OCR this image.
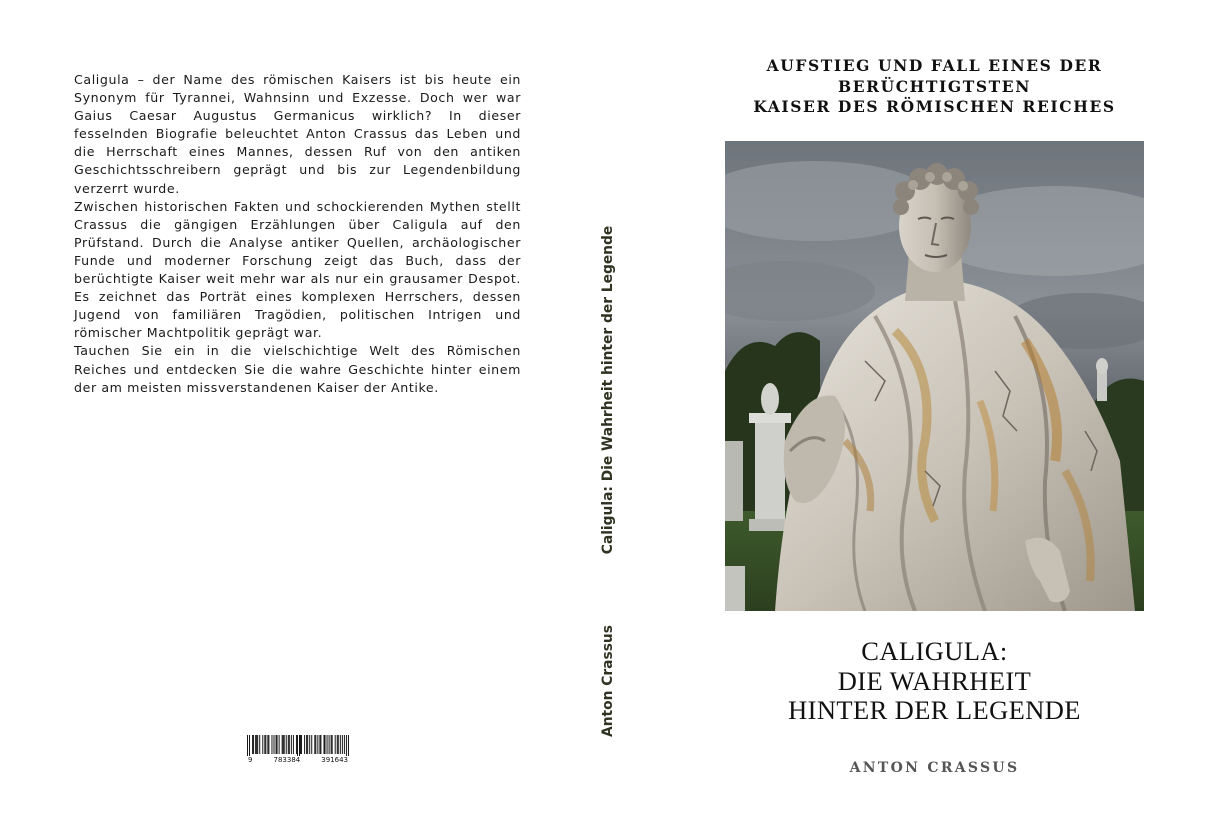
Caligula – der Name des römischen Kaisers ist bis heute ein Synonym für Tyrannei, Wahnsinn und Exzesse. Doch wer war Gaius Caesar Augustus Germanicus wirklich? In dieser fesselnden Biografie beleuchtet Anton Crassus das Leben und die Herrschaft eines Mannes, dessen Ruf von den antiken Geschichtsschreibern geprägt und bis zur Legendenbildung verzerrt wurde.

Zwischen historischen Fakten und schockierenden Mythen stellt Crassus die gängigen Erzählungen über Caligula auf den Prüfstand. Durch die Analyse antiker Quellen, archäologischer Funde und moderner Forschung zeigt das Buch, dass der berüchtigte Kaiser weit mehr war als nur ein grausamer Despot. Es zeichnet das Porträt eines komplexen Herrschers, dessen Jugend von familiären Tragödien, politischen Intrigen und römischer Machtpolitik geprägt war.

Tauchen Sie ein in die vielschichtige Welt des Römischen Reiches und entdecken Sie die wahre Geschichte hinter einem der am meisten missverstandenen Kaiser der Antike.

9	783384	391643
Caligula: Die Wahrheit hinter der Legende
Anton Crassus
AUFSTIEG UND FALL EINES DER
BERÜCHTIGTSTEN
KAISER DES RÖMISCHEN REICHES
CALIGULA:
DIE WAHRHEIT
HINTER DER LEGENDE
ANTON CRASSUS
